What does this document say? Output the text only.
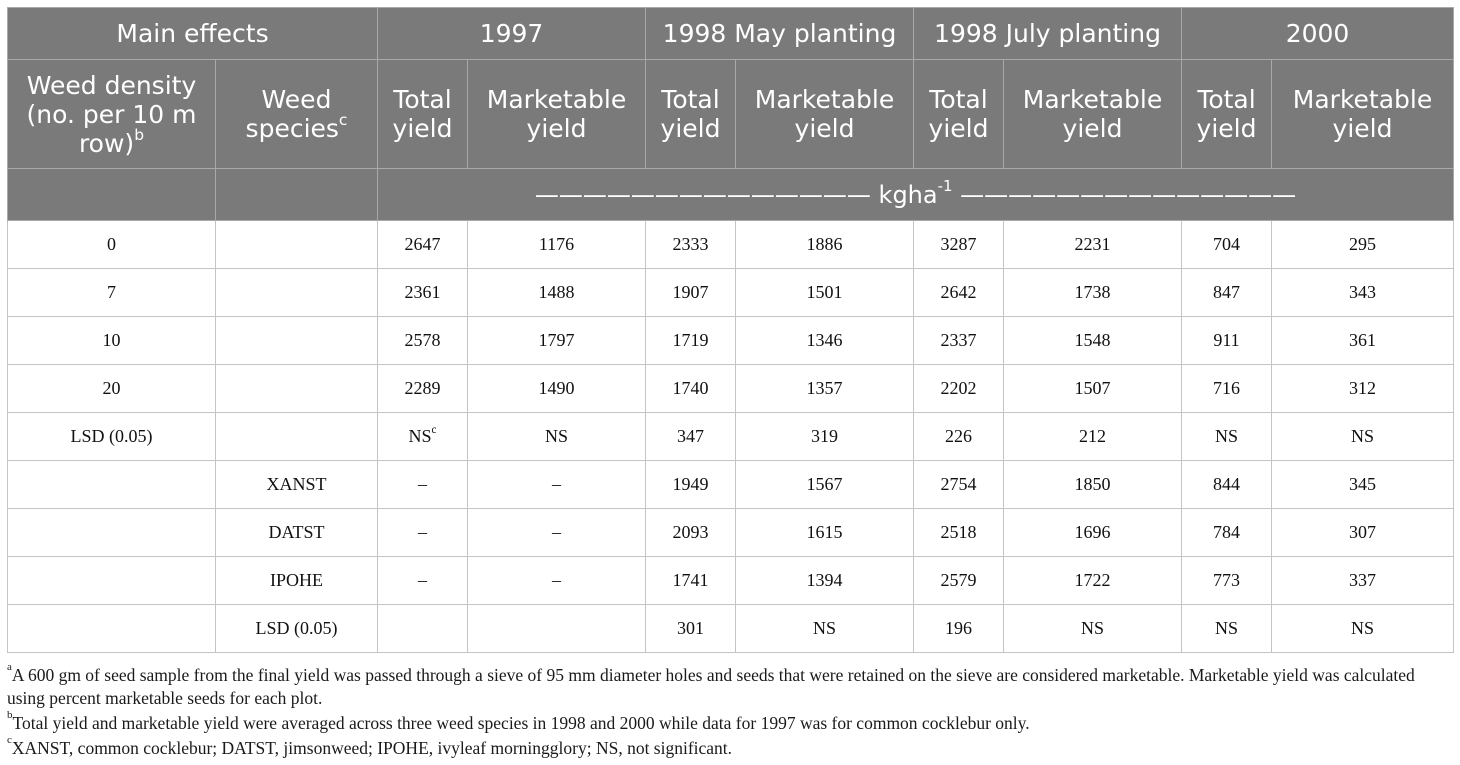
Main effects		1997		1998 May planting		1998 July planting		2000	
Weed density (no. per 10 m row)$^b$	Weed species$^c$	Total yield	Marketable yield	Total yield	Marketable yield	Total yield	Marketable yield	Total yield	Marketable yield
		—————————————— kgha$^{-1}$ ——————————————							
0		2647	1176	2333	1886	3287	2231	704	295
7		2361	1488	1907	1501	2642	1738	847	343
10		2578	1797	1719	1346	2337	1548	911	361
20		2289	1490	1740	1357	2202	1507	716	312
LSD (0.05)		$NS^c$	NS	347	319	226	212	NS	NS
	XANST	–	–	1949	1567	2754	1850	844	345
	DATST	–	–	2093	1615	2518	1696	784	307
	IPOHE	–	–	1741	1394	2579	1722	773	337
	LSD (0.05)			301	NS	196	NS	NS	NS

$^a$A 600 gm of seed sample from the final yield was passed through a sieve of 95 mm diameter holes and seeds that were retained on the sieve are considered marketable. Marketable yield was calculated using percent marketable seeds for each plot.

$^b$Total yield and marketable yield were averaged across three weed species in 1998 and 2000 while data for 1997 was for common cocklebur only.

$^c$XANST, common cocklebur; DATST, jimsonweed; IPOHE, ivyleaf morningglory; NS, not significant.
